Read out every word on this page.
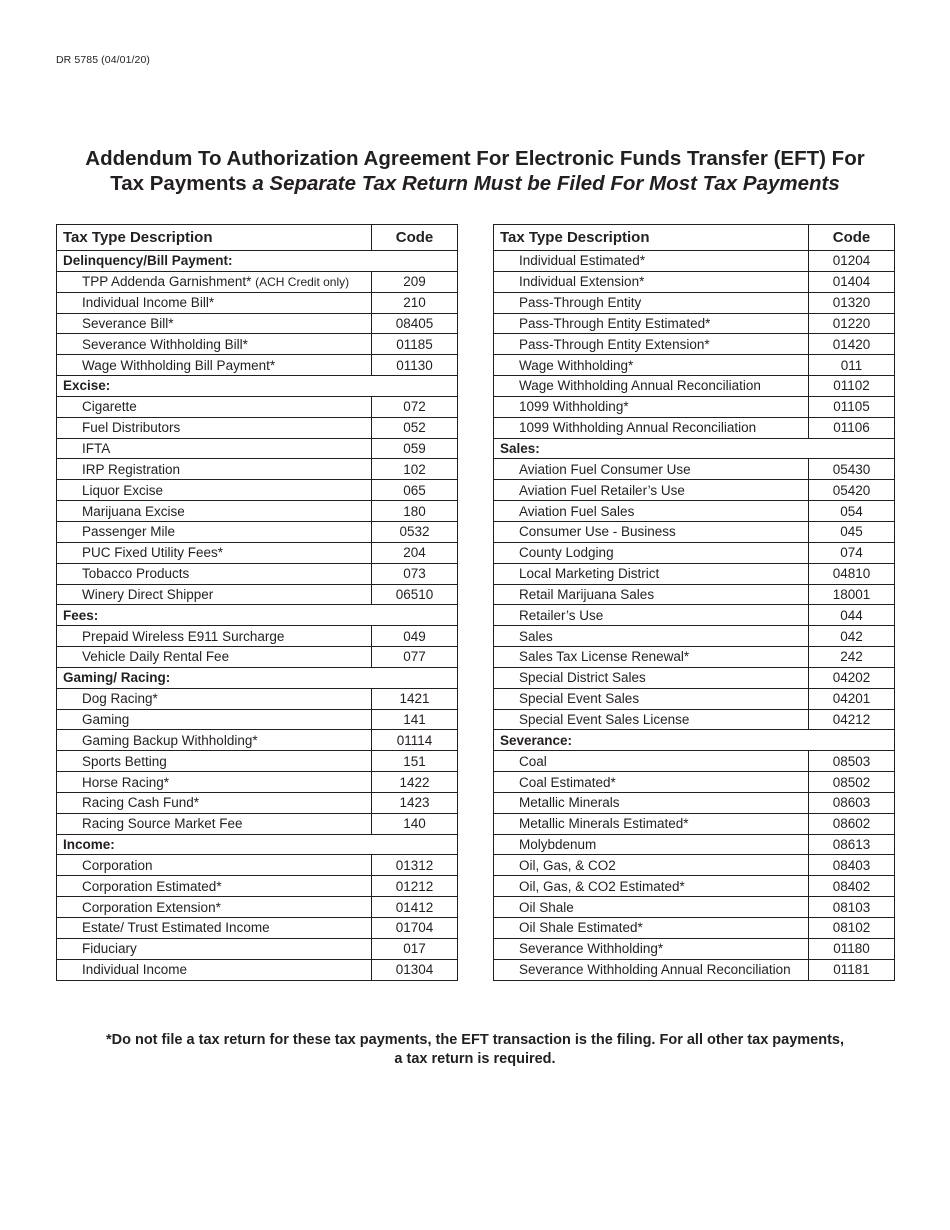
DR 5785 (04/01/20)
Addendum To Authorization Agreement For Electronic Funds Transfer (EFT) For
Tax Payments a Separate Tax Return Must be Filed For Most Tax Payments
Tax Type Description	Code
Delinquency/Bill Payment:	
TPP Addenda Garnishment* (ACH Credit only)	209
Individual Income Bill*	210
Severance Bill*	08405
Severance Withholding Bill*	01185
Wage Withholding Bill Payment*	01130
Excise:	
Cigarette	072
Fuel Distributors	052
IFTA	059
IRP Registration	102
Liquor Excise	065
Marijuana Excise	180
Passenger Mile	0532
PUC Fixed Utility Fees*	204
Tobacco Products	073
Winery Direct Shipper	06510
Fees:	
Prepaid Wireless E911 Surcharge	049
Vehicle Daily Rental Fee	077
Gaming/ Racing:	
Dog Racing*	1421
Gaming	141
Gaming Backup Withholding*	01114
Sports Betting	151
Horse Racing*	1422
Racing Cash Fund*	1423
Racing Source Market Fee	140
Income:	
Corporation	01312
Corporation Estimated*	01212
Corporation Extension*	01412
Estate/ Trust Estimated Income	01704
Fiduciary	017
Individual Income	01304
Tax Type Description	Code
Individual Estimated*	01204
Individual Extension*	01404
Pass-Through Entity	01320
Pass-Through Entity Estimated*	01220
Pass-Through Entity Extension*	01420
Wage Withholding*	011
Wage Withholding Annual Reconciliation	01102
1099 Withholding*	01105
1099 Withholding Annual Reconciliation	01106
Sales:	
Aviation Fuel Consumer Use	05430
Aviation Fuel Retailer’s Use	05420
Aviation Fuel Sales	054
Consumer Use - Business	045
County Lodging	074
Local Marketing District	04810
Retail Marijuana Sales	18001
Retailer’s Use	044
Sales	042
Sales Tax License Renewal*	242
Special District Sales	04202
Special Event Sales	04201
Special Event Sales License	04212
Severance:	
Coal	08503
Coal Estimated*	08502
Metallic Minerals	08603
Metallic Minerals Estimated*	08602
Molybdenum	08613
Oil, Gas, & CO2	08403
Oil, Gas, & CO2 Estimated*	08402
Oil Shale	08103
Oil Shale Estimated*	08102
Severance Withholding*	01180
Severance Withholding Annual Reconciliation	01181
*Do not file a tax return for these tax payments, the EFT transaction is the filing. For all other tax payments,
a tax return is required.
